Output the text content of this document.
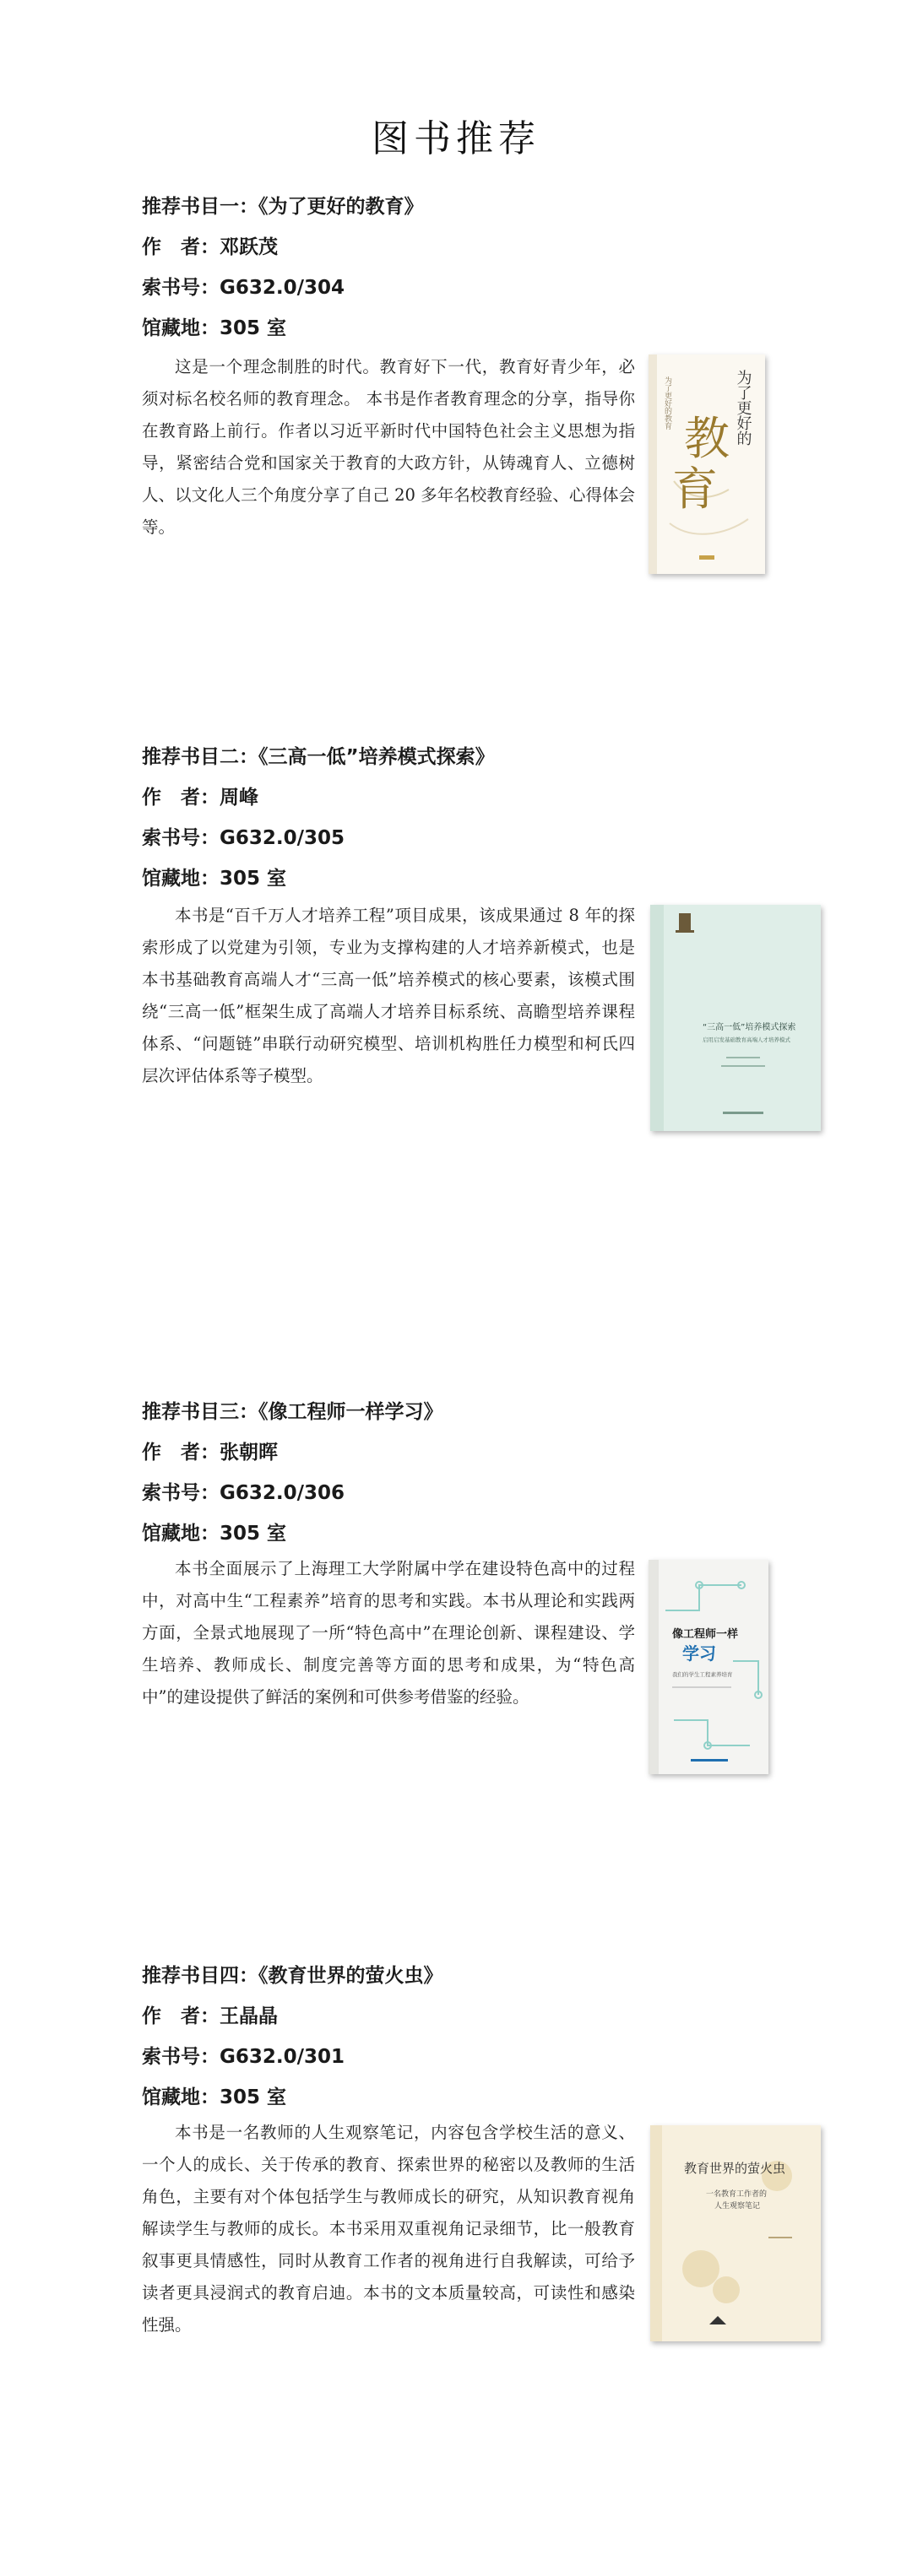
图书推荐
推荐书目一：《为了更好的教育》
作　者：邓跃茂
索书号：G632.0/304
馆藏地：305 室

这是一个理念制胜的时代。教育好下一代，教育好青少年，必须对标名校名师的教育理念。 本书是作者教育理念的分享，指导你在教育路上前行。作者以习近平新时代中国特色社会主义思想为指导，紧密结合党和国家关于教育的大政方针，从铸魂育人、立德树人、以文化人三个角度分享了自己 20 多年名校教育经验、心得体会等。

教
育
为了更好的
为了更好的教育
推荐书目二：《三高一低”培养模式探索》
作　者：周峰
索书号：G632.0/305
馆藏地：305 室

本书是“百千万人才培养工程”项目成果，该成果通过 8 年的探索形成了以党建为引领，专业为支撑构建的人才培养新模式，也是本书基础教育高端人才“三高一低”培养模式的核心要素，该模式围绕“三高一低”框架生成了高端人才培养目标系统、高瞻型培养课程体系、“问题链”串联行动研究模型、培训机构胜任力模型和柯氏四层次评估体系等子模型。

“三高一低”培养模式探索
启用启发基础教育高端人才培养模式
推荐书目三：《像工程师一样学习》
作　者：张朝晖
索书号：G632.0/306
馆藏地：305 室

本书全面展示了上海理工大学附属中学在建设特色高中的过程中，对高中生“工程素养”培育的思考和实践。本书从理论和实践两方面，全景式地展现了一所“特色高中”在理论创新、课程建设、学生培养、教师成长、制度完善等方面的思考和成果，为“特色高中”的建设提供了鲜活的案例和可供参考借鉴的经验。

像工程师一样
学习
我们的学生工程素养培育
推荐书目四：《教育世界的萤火虫》
作　者：王晶晶
索书号：G632.0/301
馆藏地：305 室

本书是一名教师的人生观察笔记，内容包含学校生活的意义、一个人的成长、关于传承的教育、探索世界的秘密以及教师的生活角色，主要有对个体包括学生与教师成长的研究，从知识教育视角解读学生与教师的成长。本书采用双重视角记录细节，比一般教育叙事更具情感性，同时从教育工作者的视角进行自我解读，可给予读者更具浸润式的教育启迪。本书的文本质量较高，可读性和感染性强。

教育世界的萤火虫
一名教育工作者的
人生观察笔记
